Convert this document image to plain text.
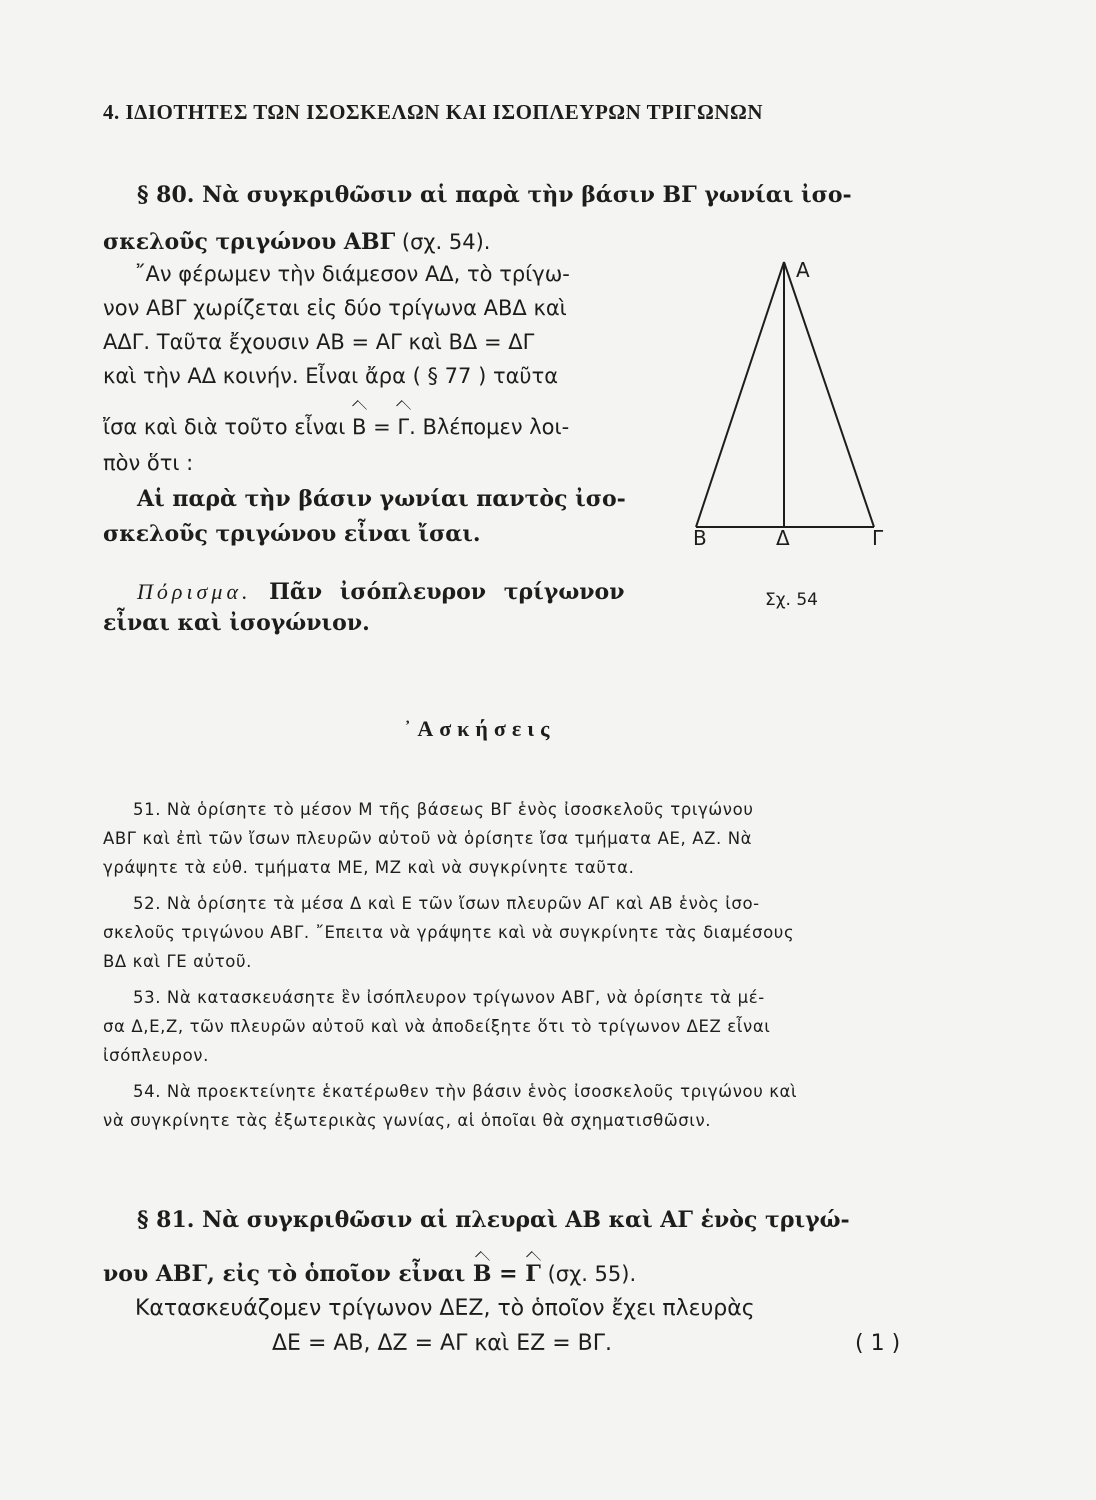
4. ΙΔΙΟΤΗΤΕΣ ΤΩΝ ΙΣΟΣΚΕΛΩΝ ΚΑΙ ΙΣΟΠΛΕΥΡΩΝ ΤΡΙΓΩΝΩΝ
§ 80. Νὰ συγκριθῶσιν αἱ παρὰ τὴν βάσιν ΒΓ γωνίαι ἰσο-
σκελοῦς τριγώνου ΑΒΓ (σχ. 54).
῎Αν φέρωμεν τὴν διάμεσον ΑΔ, τὸ τρίγω-
νον ΑΒΓ χωρίζεται εἰς δύο τρίγωνα ΑΒΔ καὶ
ΑΔΓ. Ταῦτα ἔχουσιν ΑΒ = ΑΓ καὶ ΒΔ = ΔΓ
καὶ τὴν ΑΔ κοινήν. Εἶναι ἄρα ( § 77 ) ταῦτα
ἴσα καὶ διὰ τοῦτο εἶναι Β = Γ. Βλέπομεν λοι-
πὸν ὅτι :
Αἱ παρὰ τὴν βάσιν γωνίαι παντὸς ἰσο-
σκελοῦς τριγώνου εἶναι ἴσαι.
Πόρισμα. Πᾶν ἰσόπλευρον τρίγωνον
εἶναι καὶ ἰσογώνιον.
Α
Β	Δ	Γ
Σχ. 54
᾽Ασκήσεις
51. Νὰ ὁρίσητε τὸ μέσον Μ τῆς βάσεως ΒΓ ἑνὸς ἰσοσκελοῦς τριγώνου
ΑΒΓ καὶ ἐπὶ τῶν ἴσων πλευρῶν αὐτοῦ νὰ ὁρίσητε ἴσα τμήματα ΑΕ, ΑΖ. Νὰ
γράψητε τὰ εὐθ. τμήματα ΜΕ, ΜΖ καὶ νὰ συγκρίνητε ταῦτα.
52. Νὰ ὁρίσητε τὰ μέσα Δ καὶ Ε τῶν ἴσων πλευρῶν ΑΓ καὶ ΑΒ ἑνὸς ἰσο-
σκελοῦς τριγώνου ΑΒΓ. ῎Επειτα νὰ γράψητε καὶ νὰ συγκρίνητε τὰς διαμέσους
ΒΔ καὶ ΓΕ αὐτοῦ.
53. Νὰ κατασκευάσητε ἓν ἰσόπλευρον τρίγωνον ΑΒΓ, νὰ ὁρίσητε τὰ μέ-
σα Δ,Ε,Ζ, τῶν πλευρῶν αὐτοῦ καὶ νὰ ἀποδείξητε ὅτι τὸ τρίγωνον ΔΕΖ εἶναι
ἰσόπλευρον.
54. Νὰ προεκτείνητε ἑκατέρωθεν τὴν βάσιν ἑνὸς ἰσοσκελοῦς τριγώνου καὶ
νὰ συγκρίνητε τὰς ἐξωτερικὰς γωνίας, αἱ ὁποῖαι θὰ σχηματισθῶσιν.
§ 81. Νὰ συγκριθῶσιν αἱ πλευραὶ ΑΒ καὶ ΑΓ ἑνὸς τριγώ-
νου ΑΒΓ, εἰς τὸ ὁποῖον εἶναι Β = Γ (σχ. 55).
Κατασκευάζομεν τρίγωνον ΔΕΖ, τὸ ὁποῖον ἔχει πλευρὰς
ΔΕ = ΑΒ, ΔΖ = ΑΓ καὶ ΕΖ = ΒΓ.	( 1 )
